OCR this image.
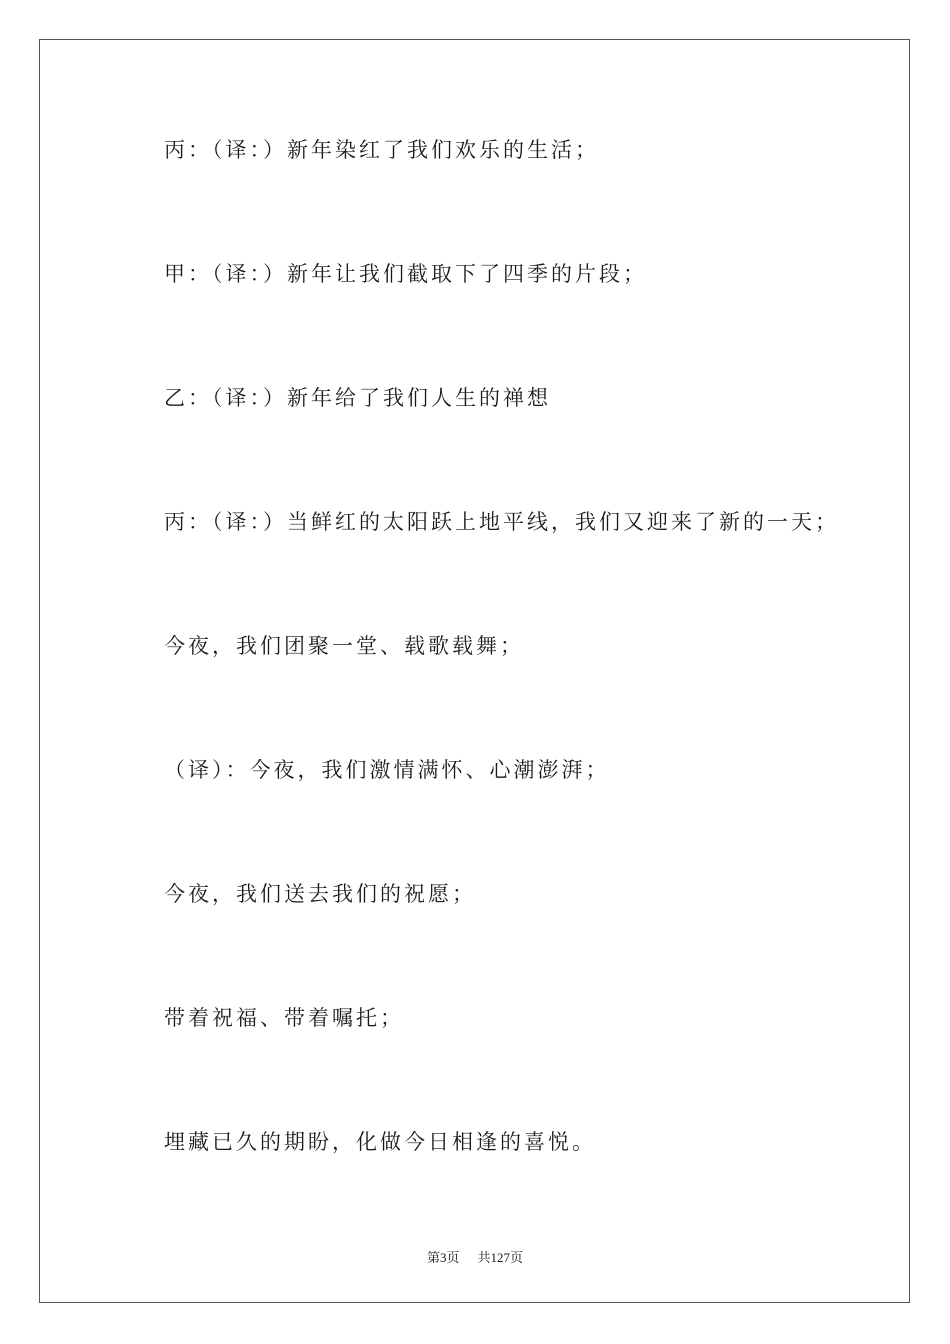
丙：（译：）新年染红了我们欢乐的生活；
甲：（译：）新年让我们截取下了四季的片段；
乙：（译：）新年给了我们人生的禅想
丙：（译：）当鲜红的太阳跃上地平线，我们又迎来了新的一天；
今夜，我们团聚一堂、载歌载舞；
（译）：今夜，我们激情满怀、心潮澎湃；
今夜，我们送去我们的祝愿；
带着祝福、带着嘱托；
埋藏已久的期盼，化做今日相逢的喜悦。
第3页 共127页
